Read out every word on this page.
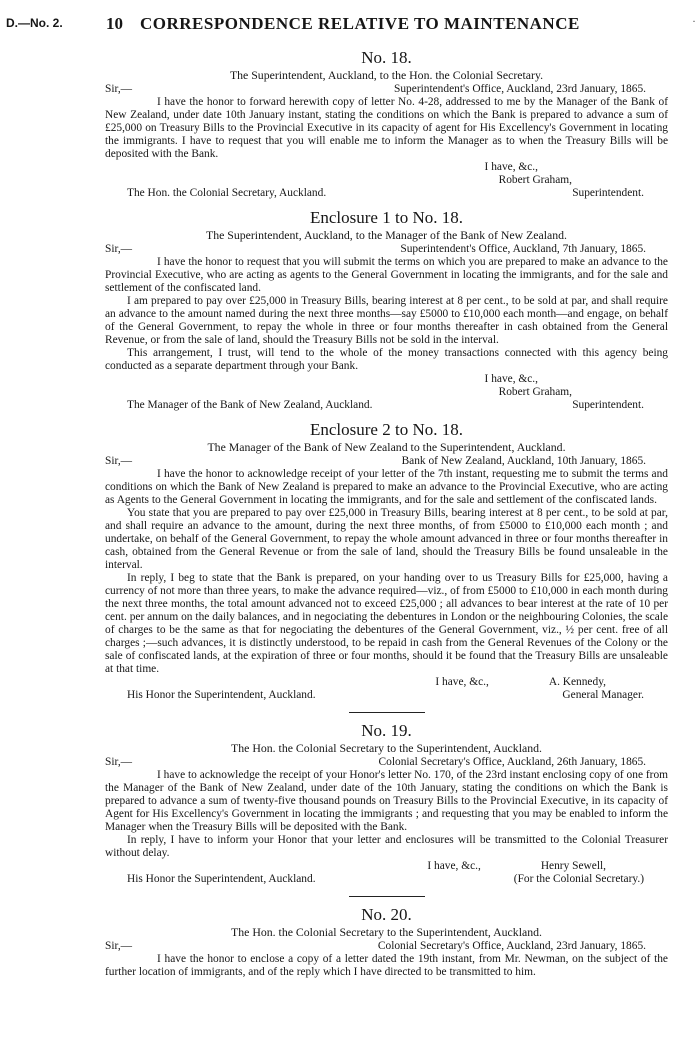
D.—No. 2.	10 CORRESPONDENCE RELATIVE TO MAINTENANCE	·
No. 18.
The Superintendent, Auckland, to the Hon. the Colonial Secretary.
Sir,—	Superintendent's Office, Auckland, 23rd January, 1865.

I have the honor to forward herewith copy of letter No. 4-28, addressed to me by the Manager of the Bank of New Zealand, under date 10th January instant, stating the conditions on which the Bank is prepared to advance a sum of £25,000 on Treasury Bills to the Provincial Executive in its capacity of agent for His Excellency's Government in locating the immigrants. I have to request that you will enable me to inform the Manager as to when the Treasury Bills will be deposited with the Bank.

I have, &c.,
Robert Graham,
The Hon. the Colonial Secretary, Auckland.	Superintendent.
Enclosure 1 to No. 18.
The Superintendent, Auckland, to the Manager of the Bank of New Zealand.
Sir,—	Superintendent's Office, Auckland, 7th January, 1865.

I have the honor to request that you will submit the terms on which you are prepared to make an advance to the Provincial Executive, who are acting as agents to the General Government in locating the immigrants, and for the sale and settlement of the confiscated land.

I am prepared to pay over £25,000 in Treasury Bills, bearing interest at 8 per cent., to be sold at par, and shall require an advance to the amount named during the next three months—say £5000 to £10,000 each month—and engage, on behalf of the General Government, to repay the whole in three or four months thereafter in cash obtained from the General Revenue, or from the sale of land, should the Treasury Bills not be sold in the interval.

This arrangement, I trust, will tend to the whole of the money transactions connected with this agency being conducted as a separate department through your Bank.

I have, &c.,
Robert Graham,
The Manager of the Bank of New Zealand, Auckland.	Superintendent.
Enclosure 2 to No. 18.
The Manager of the Bank of New Zealand to the Superintendent, Auckland.
Sir,—	Bank of New Zealand, Auckland, 10th January, 1865.

I have the honor to acknowledge receipt of your letter of the 7th instant, requesting me to submit the terms and conditions on which the Bank of New Zealand is prepared to make an advance to the Provincial Executive, who are acting as Agents to the General Government in locating the immigrants, and for the sale and settlement of the confiscated lands.

You state that you are prepared to pay over £25,000 in Treasury Bills, bearing interest at 8 per cent., to be sold at par, and shall require an advance to the amount, during the next three months, of from £5000 to £10,000 each month ; and undertake, on behalf of the General Government, to repay the whole amount advanced in three or four months thereafter in cash, obtained from the General Revenue or from the sale of land, should the Treasury Bills be found unsaleable in the interval.

In reply, I beg to state that the Bank is prepared, on your handing over to us Treasury Bills for £25,000, having a currency of not more than three years, to make the advance required—viz., of from £5000 to £10,000 in each month during the next three months, the total amount advanced not to exceed £25,000 ; all advances to bear interest at the rate of 10 per cent. per annum on the daily balances, and in negociating the debentures in London or the neighbouring Colonies, the scale of charges to be the same as that for negociating the debentures of the General Government, viz., ½ per cent. free of all charges ;—such advances, it is distinctly understood, to be repaid in cash from the General Revenues of the Colony or the sale of confiscated lands, at the expiration of three or four months, should it be found that the Treasury Bills are unsaleable at that time.

I have, &c.,	A. Kennedy,
His Honor the Superintendent, Auckland.	General Manager.
No. 19.
The Hon. the Colonial Secretary to the Superintendent, Auckland.
Sir,—	Colonial Secretary's Office, Auckland, 26th January, 1865.

I have to acknowledge the receipt of your Honor's letter No. 170, of the 23rd instant enclosing copy of one from the Manager of the Bank of New Zealand, under date of the 10th January, stating the conditions on which the Bank is prepared to advance a sum of twenty-five thousand pounds on Treasury Bills to the Provincial Executive, in its capacity of Agent for His Excellency's Government in locating the immigrants ; and requesting that you may be enabled to inform the Manager when the Treasury Bills will be deposited with the Bank.

In reply, I have to inform your Honor that your letter and enclosures will be transmitted to the Colonial Treasurer without delay.

I have, &c.,	Henry Sewell,
His Honor the Superintendent, Auckland.	(For the Colonial Secretary.)
No. 20.
The Hon. the Colonial Secretary to the Superintendent, Auckland.
Sir,—	Colonial Secretary's Office, Auckland, 23rd January, 1865.

I have the honor to enclose a copy of a letter dated the 19th instant, from Mr. Newman, on the subject of the further location of immigrants, and of the reply which I have directed to be transmitted to him.
